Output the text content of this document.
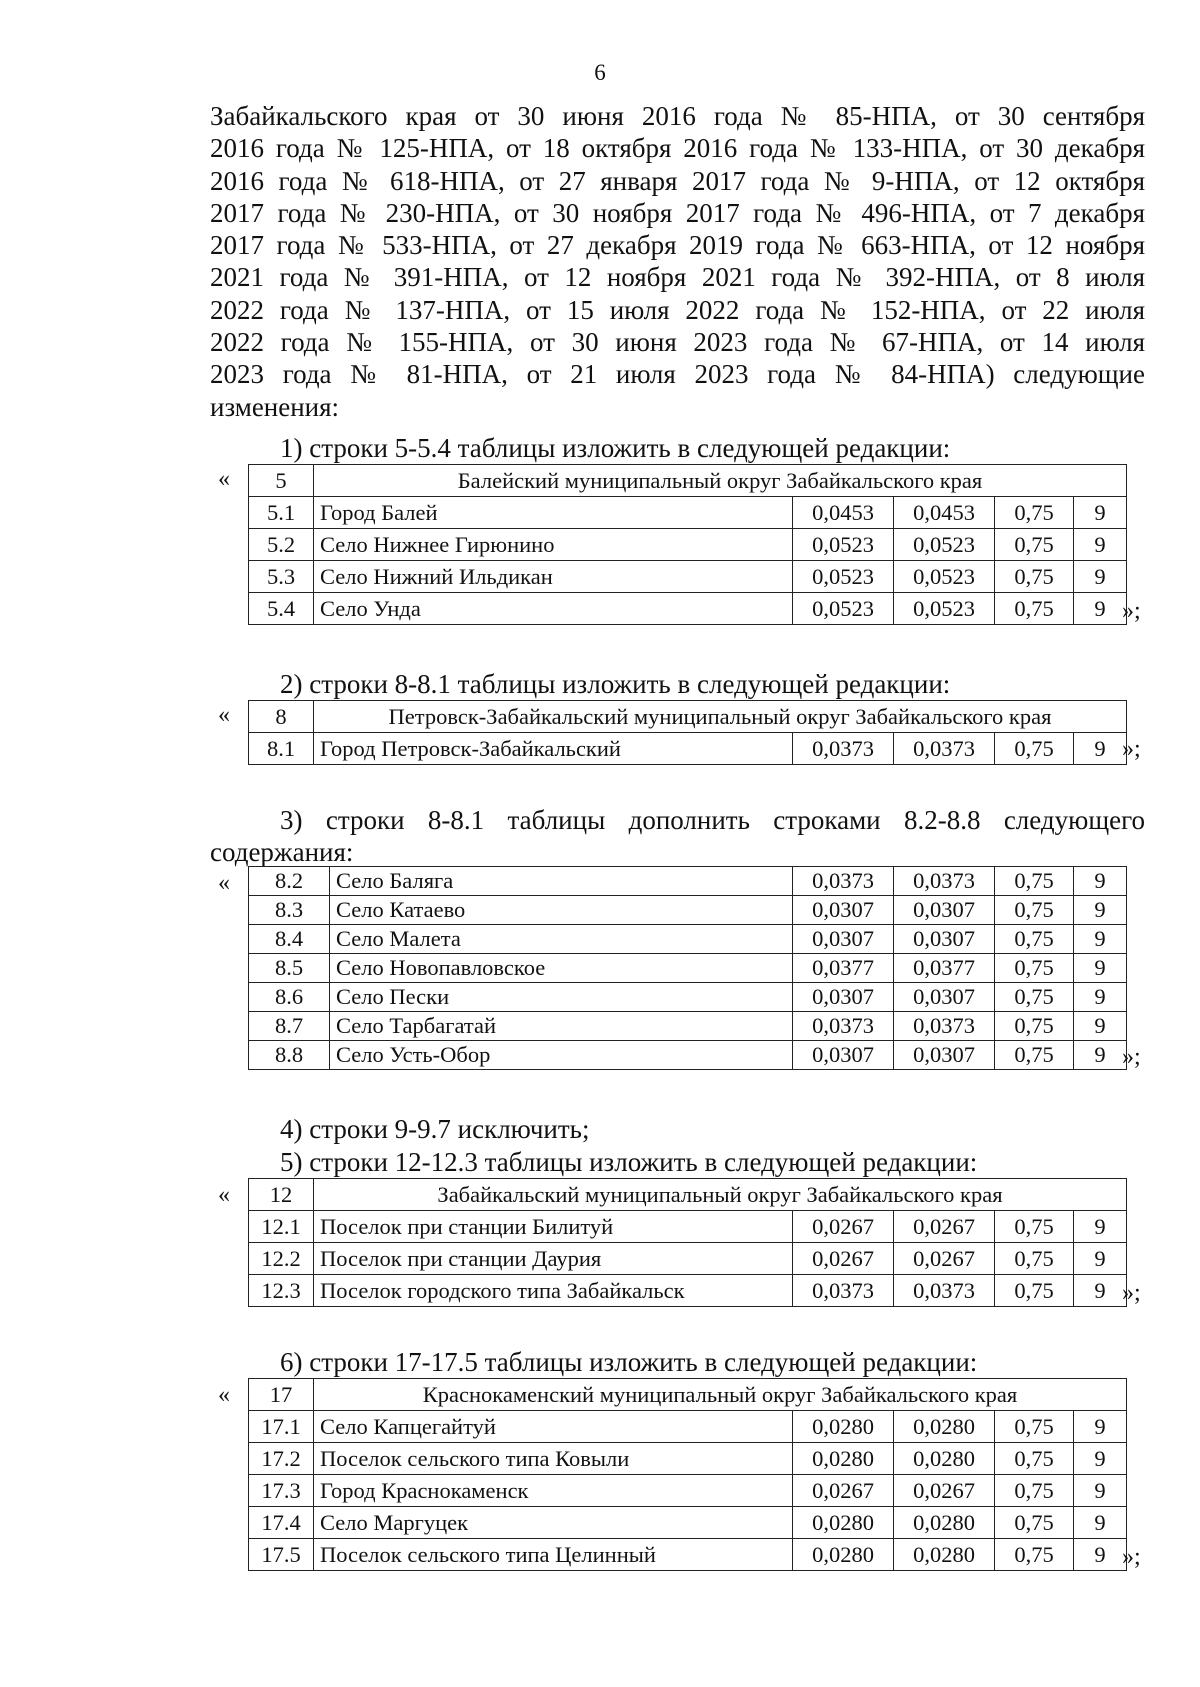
6

Забайкальского края от 30 июня 2016 года № 85-НПА, от 30 сентября

2016 года № 125-НПА, от 18 октября 2016 года № 133-НПА, от 30 декабря

2016 года № 618-НПА, от 27 января 2017 года № 9-НПА, от 12 октября

2017 года № 230-НПА, от 30 ноября 2017 года № 496-НПА, от 7 декабря

2017 года № 533-НПА, от 27 декабря 2019 года № 663-НПА, от 12 ноября

2021 года № 391-НПА, от 12 ноября 2021 года № 392-НПА, от 8 июля

2022 года № 137-НПА, от 15 июля 2022 года № 152-НПА, от 22 июля

2022 года № 155-НПА, от 30 июня 2023 года № 67-НПА, от 14 июля

2023 года № 81-НПА, от 21 июля 2023 года № 84-НПА) следующие

изменения:

1) строки 5-5.4 таблицы изложить в следующей редакции:

« 5	Балейский муниципальный округ Забайкальского края				
5.1	Город Балей	0,0453	0,0453	0,75	9
5.2	Село Нижнее Гирюнино	0,0523	0,0523	0,75	9
5.3	Село Нижний Ильдикан	0,0523	0,0523	0,75	9
5.4	Село Унда	0,0523	0,0523	0,75	9 »;

2) строки 8-8.1 таблицы изложить в следующей редакции:

« 8	Петровск-Забайкальский муниципальный округ Забайкальского края				
8.1	Город Петровск-Забайкальский	0,0373	0,0373	0,75	9 »;

3) строки 8-8.1 таблицы дополнить строками 8.2-8.8 следующего
содержания:

« 8.2	Село Баляга	0,0373	0,0373	0,75	9
8.3	Село Катаево	0,0307	0,0307	0,75	9
8.4	Село Малета	0,0307	0,0307	0,75	9
8.5	Село Новопавловское	0,0377	0,0377	0,75	9
8.6	Село Пески	0,0307	0,0307	0,75	9
8.7	Село Тарбагатай	0,0373	0,0373	0,75	9
8.8	Село Усть-Обор	0,0307	0,0307	0,75	9 »;

4) строки 9-9.7 исключить;

5) строки 12-12.3 таблицы изложить в следующей редакции:

« 12	Забайкальский муниципальный округ Забайкальского края				
12.1	Поселок при станции Билитуй	0,0267	0,0267	0,75	9
12.2	Поселок при станции Даурия	0,0267	0,0267	0,75	9
12.3	Поселок городского типа Забайкальск	0,0373	0,0373	0,75	9 »;

6) строки 17-17.5 таблицы изложить в следующей редакции:

« 17	Краснокаменский муниципальный округ Забайкальского края				
17.1	Село Капцегайтуй	0,0280	0,0280	0,75	9
17.2	Поселок сельского типа Ковыли	0,0280	0,0280	0,75	9
17.3	Город Краснокаменск	0,0267	0,0267	0,75	9
17.4	Село Маргуцек	0,0280	0,0280	0,75	9
17.5	Поселок сельского типа Целинный	0,0280	0,0280	0,75	9 »;
